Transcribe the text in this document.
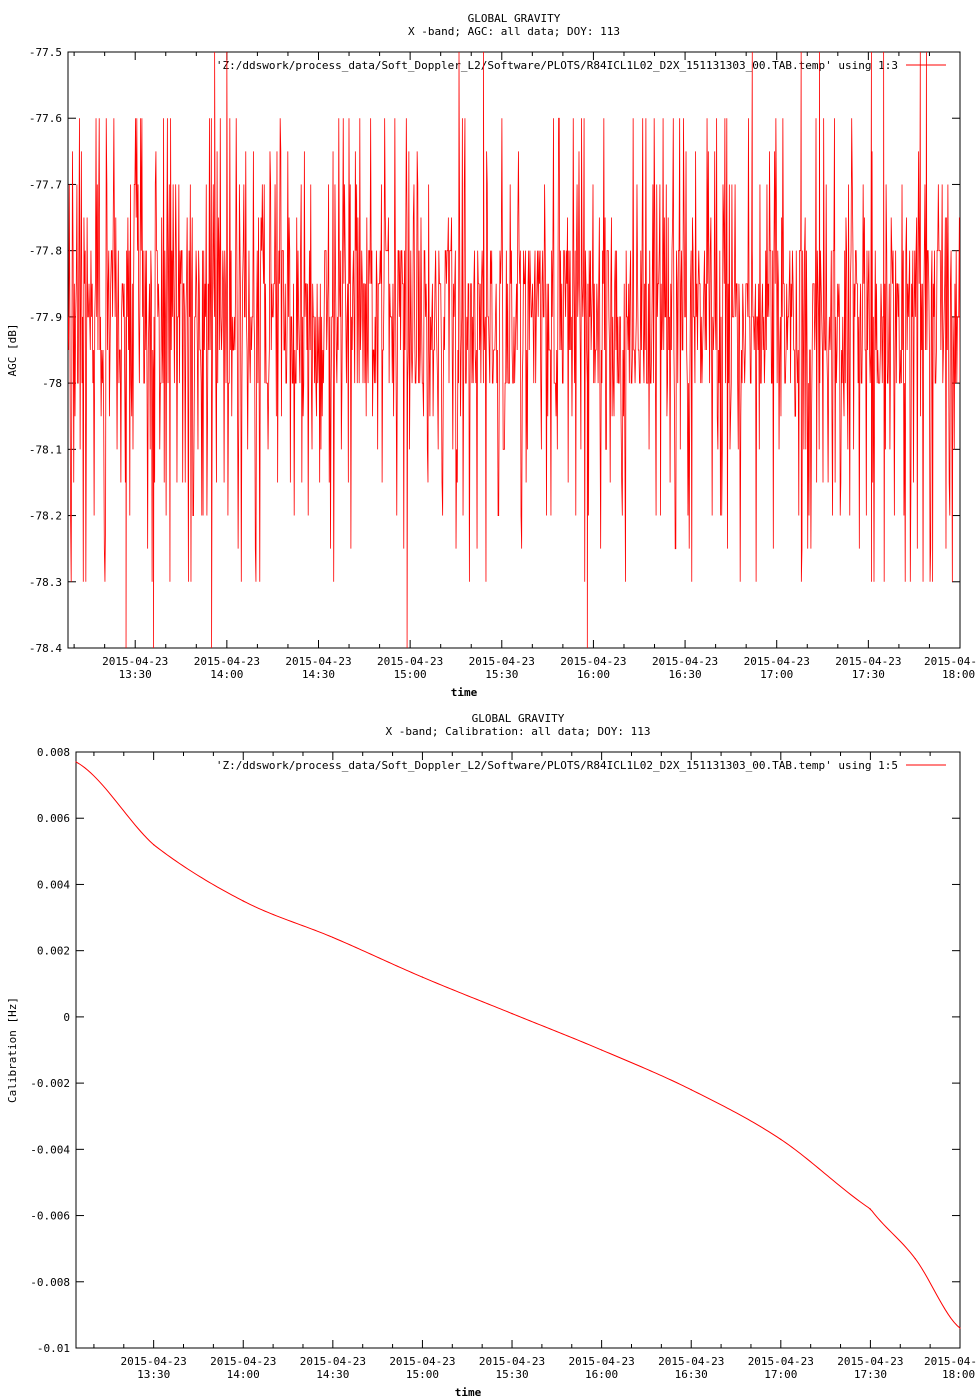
GLOBAL GRAVITY
X -band; AGC: all data; DOY: 113
-77.5
-77.6
-77.7
-77.8
-77.9
-78
-78.1
-78.2
-78.3
-78.4
2015-04-23
13:30
2015-04-23
14:00
2015-04-23
14:30
2015-04-23
15:00
2015-04-23
15:30
2015-04-23
16:00
2015-04-23
16:30
2015-04-23
17:00
2015-04-23
17:30
2015-04-
18:00
time
AGC [dB]
'Z:/ddswork/process_data/Soft_Doppler_L2/Software/PLOTS/R84ICL1L02_D2X_151131303_00.TAB.temp' using 1:3
GLOBAL GRAVITY
X -band; Calibration: all data; DOY: 113
0.008
0.006
0.004
0.002
0
-0.002
-0.004
-0.006
-0.008
-0.01
2015-04-23
13:30
2015-04-23
14:00
2015-04-23
14:30
2015-04-23
15:00
2015-04-23
15:30
2015-04-23
16:00
2015-04-23
16:30
2015-04-23
17:00
2015-04-23
17:30
2015-04-
18:00
time
Calibration [Hz]
'Z:/ddswork/process_data/Soft_Doppler_L2/Software/PLOTS/R84ICL1L02_D2X_151131303_00.TAB.temp' using 1:5
